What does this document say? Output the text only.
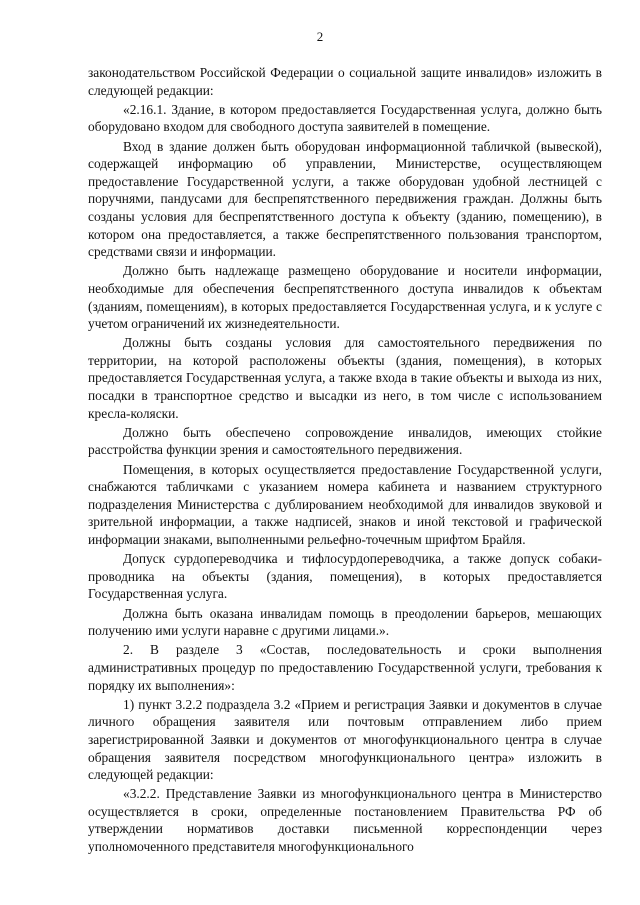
2

законодательством Российской Федерации о социальной защите инвалидов» изложить в следующей редакции:

«2.16.1. Здание, в котором предоставляется Государственная услуга, должно быть оборудовано входом для свободного доступа заявителей в помещение.

Вход в здание должен быть оборудован информационной табличкой (вывеской), содержащей информацию об управлении, Министерстве, осуществляющем предоставление Государственной услуги, а также оборудован удобной лестницей с поручнями, пандусами для беспрепятственного передвижения граждан. Должны быть созданы условия для беспрепятственного доступа к объекту (зданию, помещению), в котором она предоставляется, а также беспрепятственного пользования транспортом, средствами связи и информации.

Должно быть надлежаще размещено оборудование и носители информации, необходимые для обеспечения беспрепятственного доступа инвалидов к объектам (зданиям, помещениям), в которых предоставляется Государственная услуга, и к услуге с учетом ограничений их жизнедеятельности.

Должны быть созданы условия для самостоятельного передвижения по территории, на которой расположены объекты (здания, помещения), в которых предоставляется Государственная услуга, а также входа в такие объекты и выхода из них, посадки в транспортное средство и высадки из него, в том числе с использованием кресла-коляски.

Должно быть обеспечено сопровождение инвалидов, имеющих стойкие расстройства функции зрения и самостоятельного передвижения.

Помещения, в которых осуществляется предоставление Государственной услуги, снабжаются табличками с указанием номера кабинета и названием структурного подразделения Министерства с дублированием необходимой для инвалидов звуковой и зрительной информации, а также надписей, знаков и иной текстовой и графической информации знаками, выполненными рельефно-точечным шрифтом Брайля.

Допуск сурдопереводчика и тифлосурдопереводчика, а также допуск собаки-проводника на объекты (здания, помещения), в которых предоставляется Государственная услуга.

Должна быть оказана инвалидам помощь в преодолении барьеров, мешающих получению ими услуги наравне с другими лицами.».

2. В разделе 3 «Состав, последовательность и сроки выполнения административных процедур по предоставлению Государственной услуги, требования к порядку их выполнения»:

1) пункт 3.2.2 подраздела 3.2 «Прием и регистрация Заявки и документов в случае личного обращения заявителя или почтовым отправлением либо прием зарегистрированной Заявки и документов от многофункционального центра в случае обращения заявителя посредством многофункционального центра» изложить в следующей редакции:

«3.2.2. Представление Заявки из многофункционального центра в Министерство осуществляется в сроки, определенные постановлением Правительства РФ об утверждении нормативов доставки письменной корреспонденции через уполномоченного представителя многофункционального
